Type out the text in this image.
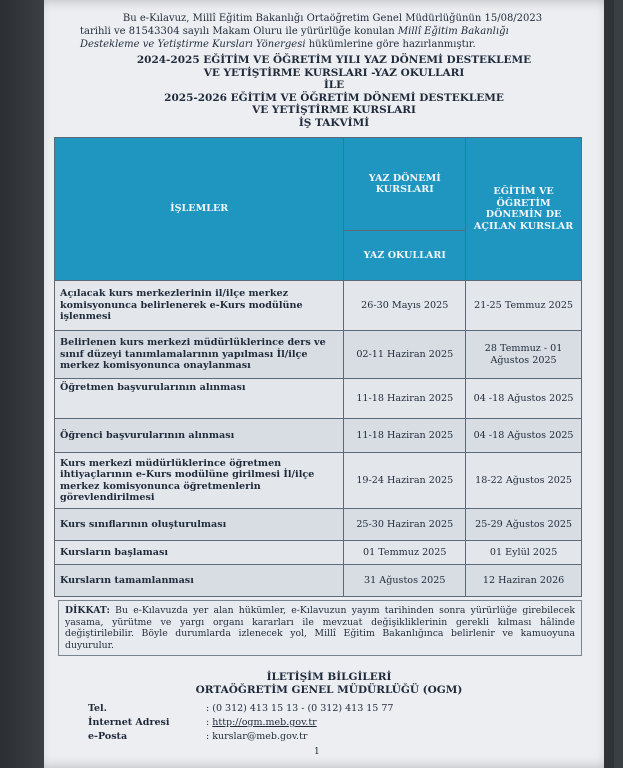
Bu e-Kılavuz, Millî Eğitim Bakanlığı Ortaöğretim Genel Müdürlüğünün 15/08/2023
tarihli ve 81543304 sayılı Makam Oluru ile yürürlüğe konulan Millî Eğitim Bakanlığı
Destekleme ve Yetiştirme Kursları Yönergesi hükümlerine göre hazırlanmıştır.
2024-2025 EĞİTİM VE ÖĞRETİM YILI YAZ DÖNEMİ DESTEKLEME
VE YETİŞTİRME KURSLARI -YAZ OKULLARI
İLE
2025-2026 EĞİTİM VE ÖĞRETİM DÖNEMİ DESTEKLEME
VE YETİŞTİRME KURSLARI
İŞ TAKVİMİ
İŞLEMLER	YAZ DÖNEMİ KURSLARI	EĞİTİM VE ÖĞRETİM DÖNEMİN DE AÇILAN KURSLAR
	YAZ OKULLARI	
Açılacak kurs merkezlerinin il/ilçe merkez komisyonunca belirlenerek e-Kurs modülüne işlenmesi	26-30 Mayıs 2025	21-25 Temmuz 2025
Belirlenen kurs merkezi müdürlüklerince ders ve sınıf düzeyi tanımlamalarının yapılması İl/ilçe merkez komisyonunca onaylanması	02-11 Haziran 2025	28 Temmuz - 01 Ağustos 2025
Öğretmen başvurularının alınması	11-18 Haziran 2025	04 -18 Ağustos 2025
Öğrenci başvurularının alınması	11-18 Haziran 2025	04 -18 Ağustos 2025
Kurs merkezi müdürlüklerince öğretmen ihtiyaçlarının e-Kurs modülüne girilmesi İl/ilçe merkez komisyonunca öğretmenlerin görevlendirilmesi	19-24 Haziran 2025	18-22 Ağustos 2025
Kurs sınıflarının oluşturulması	25-30 Haziran 2025	25-29 Ağustos 2025
Kursların başlaması	01 Temmuz 2025	01 Eylül 2025
Kursların tamamlanması	31 Ağustos 2025	12 Haziran 2026
DİKKAT: Bu e-Kılavuzda yer alan hükümler, e-Kılavuzun yayım tarihinden sonra yürürlüğe girebilecek yasama, yürütme ve yargı organı kararları ile mevzuat değişikliklerinin gerekli kılması hâlinde değiştirilebilir. Böyle durumlarda izlenecek yol, Millî Eğitim Bakanlığınca belirlenir ve kamuoyuna duyurulur.
İLETİŞİM BİLGİLERİ
ORTAÖĞRETİM GENEL MÜDÜRLÜĞÜ (OGM)
Tel.	: (0 312) 413 15 13 - (0 312) 413 15 77
İnternet Adresi	: http://ogm.meb.gov.tr
e-Posta	: kurslar@meb.gov.tr
1
